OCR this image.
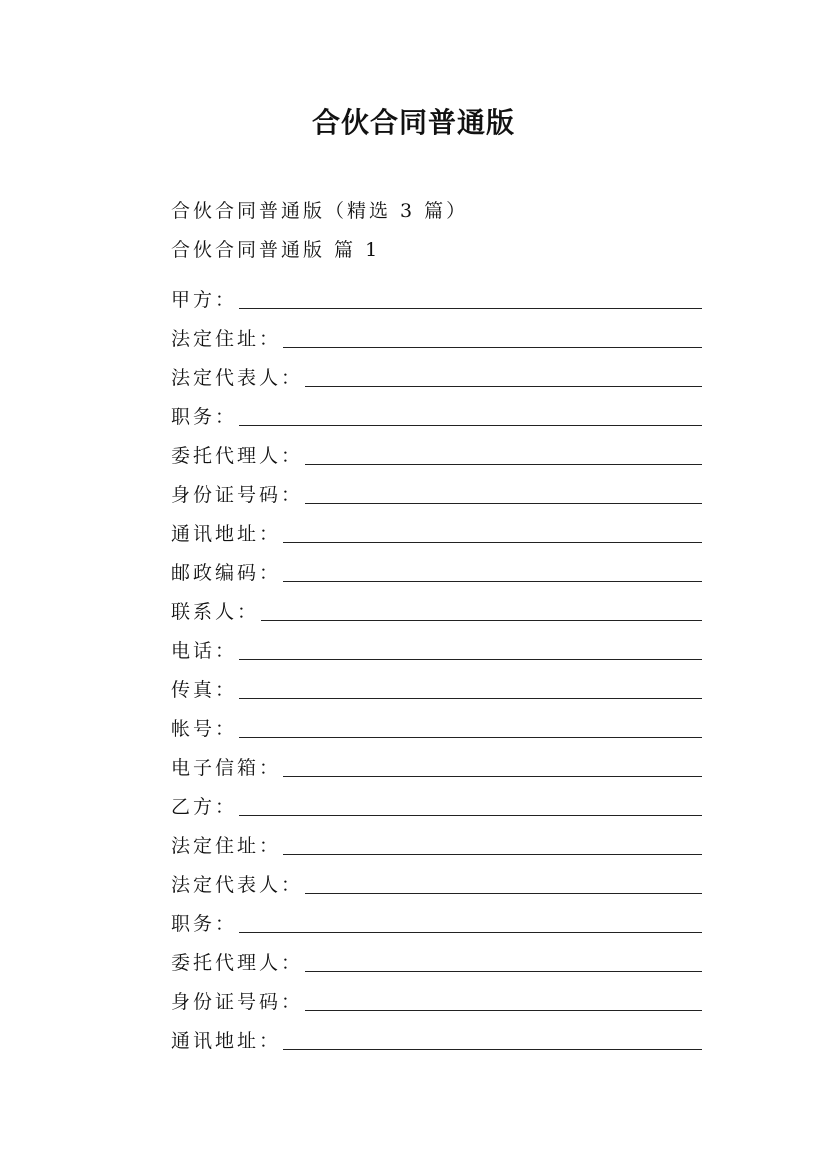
合伙合同普通版
合伙合同普通版（精选 3 篇）
合伙合同普通版 篇 1
甲方：
法定住址：
法定代表人：
职务：
委托代理人：
身份证号码：
通讯地址：
邮政编码：
联系人：
电话：
传真：
帐号：
电子信箱：
乙方：
法定住址：
法定代表人：
职务：
委托代理人：
身份证号码：
通讯地址：
